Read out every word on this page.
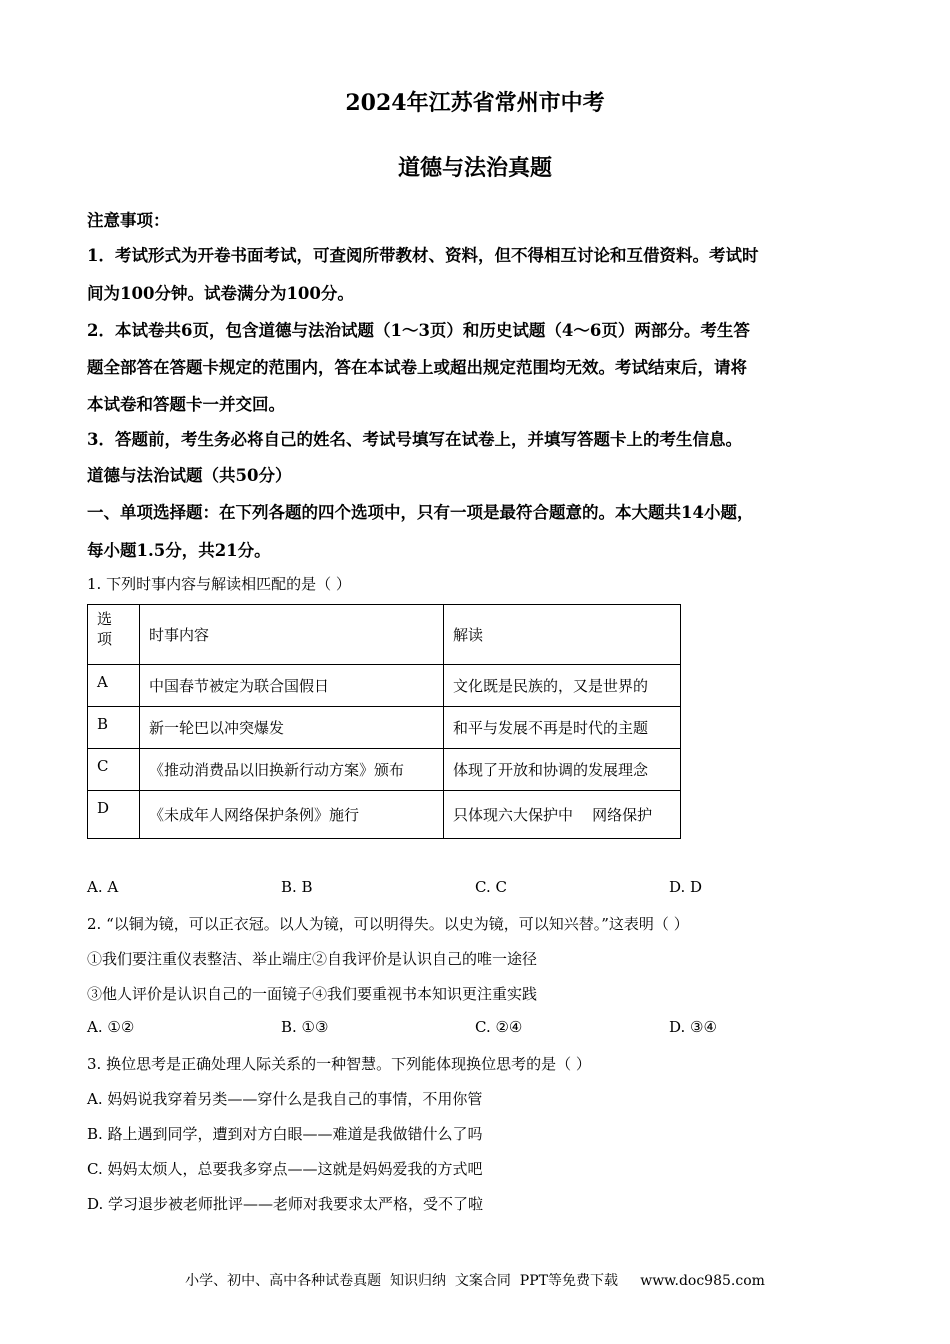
2024年江苏省常州市中考
道德与法治真题
注意事项：
1．考试形式为开卷书面考试，可查阅所带教材、资料，但不得相互讨论和互借资料。考试时
间为100分钟。试卷满分为100分。
2．本试卷共6页，包含道德与法治试题（1～3页）和历史试题（4～6页）两部分。考生答
题全部答在答题卡规定的范围内，答在本试卷上或超出规定范围均无效。考试结束后，请将
本试卷和答题卡一并交回。
3．答题前，考生务必将自己的姓名、考试号填写在试卷上，并填写答题卡上的考生信息。
道德与法治试题（共50分）
一、单项选择题：在下列各题的四个选项中，只有一项是最符合题意的。本大题共14小题，
每小题1.5分，共21分。
1. 下列时事内容与解读相匹配的是（ ）
选
项	时事内容	解读
A	中国春节被定为联合国假日	文化既是民族的，又是世界的
B	新一轮巴以冲突爆发	和平与发展不再是时代的主题
C	《推动消费品以旧换新行动方案》颁布	体现了开放和协调的发展理念
D	《未成年人网络保护条例》施行	只体现六大保护中    网络保护
A. A	B. B	C. C	D. D
2. “以铜为镜，可以正衣冠。以人为镜，可以明得失。以史为镜，可以知兴替。”这表明（ ）
①我们要注重仪表整洁、举止端庄②自我评价是认识自己的唯一途径
③他人评价是认识自己的一面镜子④我们要重视书本知识更注重实践
A. ①②	B. ①③	C. ②④	D. ③④
3. 换位思考是正确处理人际关系的一种智慧。下列能体现换位思考的是（ ）
A. 妈妈说我穿着另类——穿什么是我自己的事情，不用你管
B. 路上遇到同学，遭到对方白眼——难道是我做错什么了吗
C. 妈妈太烦人，总要我多穿点——这就是妈妈爱我的方式吧
D. 学习退步被老师批评——老师对我要求太严格，受不了啦
小学、初中、高中各种试卷真题  知识归纳  文案合同  PPT等免费下载     www.doc985.com
